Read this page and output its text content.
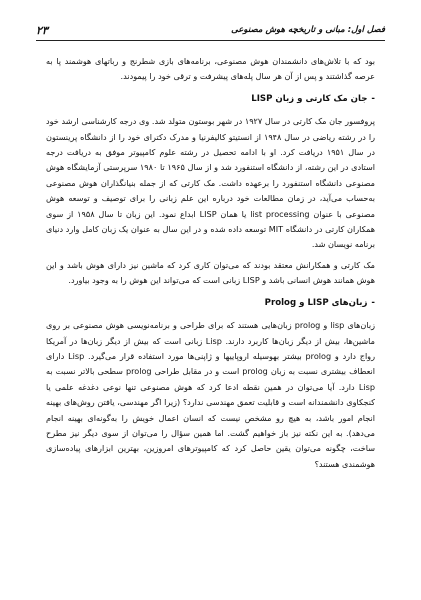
فصل اول: مبانی و تاریخچه هوش مصنوعی
۲۳

بود که با تلاش‌های دانشمندان هوش مصنوعی، برنامه‌های بازی شطرنج و رباتهای هوشمند پا به عرصه گذاشتند و پس از آن هر سال پله‌های پیشرفت و ترقی خود را پیمودند.

-
جان مک کارتی و زبان LISP

پروفسور جان مک کارتی در سال ۱۹۲۷ در شهر بوستون متولد شد. وی درجه کارشناسی ارشد خود را در رشته ریاضی در سال ۱۹۴۸ از انستیتو کالیفرنیا و مدرک دکترای خود را از دانشگاه پرینستون در سال ۱۹۵۱ دریافت کرد. او با ادامه تحصیل در رشته علوم کامپیوتر موفق به دریافت درجه استادی در این رشته، از دانشگاه استنفورد شد و از سال ۱۹۶۵ تا ۱۹۸۰ سرپرستی آزمایشگاه هوش مصنوعی دانشگاه استنفورد را برعهده داشت. مک کارتی که از جمله بنیانگذاران هوش مصنوعی به‌حساب می‌آید، در زمان مطالعات خود درباره این علم زبانی را برای توصیف و توسعه هوش مصنوعی با عنوان list processing یا همان LISP ابداع نمود. این زبان تا سال ۱۹۵۸ از سوی همکاران کارتی در دانشگاه MIT توسعه داده شده و در این سال به عنوان یک زبان کامل وارد دنیای برنامه نویسان شد.

مک کارتی و همکارانش معتقد بودند که می‌توان کاری کرد که ماشین نیز دارای هوش باشد و این هوش همانند هوش انسانی باشد و LISP زبانی است که می‌تواند این هوش را به وجود بیاورد.

-
زبان‌های LISP و Prolog

زبان‌های lisp و prolog زبان‌هایی هستند که برای طراحی و برنامه‌نویسی هوش مصنوعی بر روی ماشین‌ها، بیش از دیگر زبان‌ها کاربرد دارند. Lisp زبانی است که بیش از دیگر زبان‌ها در آمریکا رواج دارد و prolog بیشتر بهوسیله اروپاییها و ژاپنی‌ها مورد استفاده قرار می‌گیرد. Lisp دارای انعطاف بیشتری نسبت به زبان prolog است و در مقابل طراحی prolog سطحی بالاتر نسبت به Lisp دارد. آیا می‌توان در همین نقطه ادعا کرد که هوش مصنوعی تنها نوعی دغدغه علمی یا کنجکاوی دانشمندانه است و قابلیت تعمق مهندسی ندارد؟ (زیرا اگر مهندسی، یافتن روش‌های بهینه انجام امور باشد، به هیچ رو مشخص نیست که انسان اعمال خویش را به‌گونه‌ای بهینه انجام می‌دهد). به این نکته نیز باز خواهیم گشت. اما همین سؤال را می‌توان از سوی دیگر نیز مطرح ساخت، چگونه می‌توان یقین حاصل کرد که کامپیوترهای امروزین، بهترین ابزارهای پیاده‌سازی هوشمندی هستند؟
